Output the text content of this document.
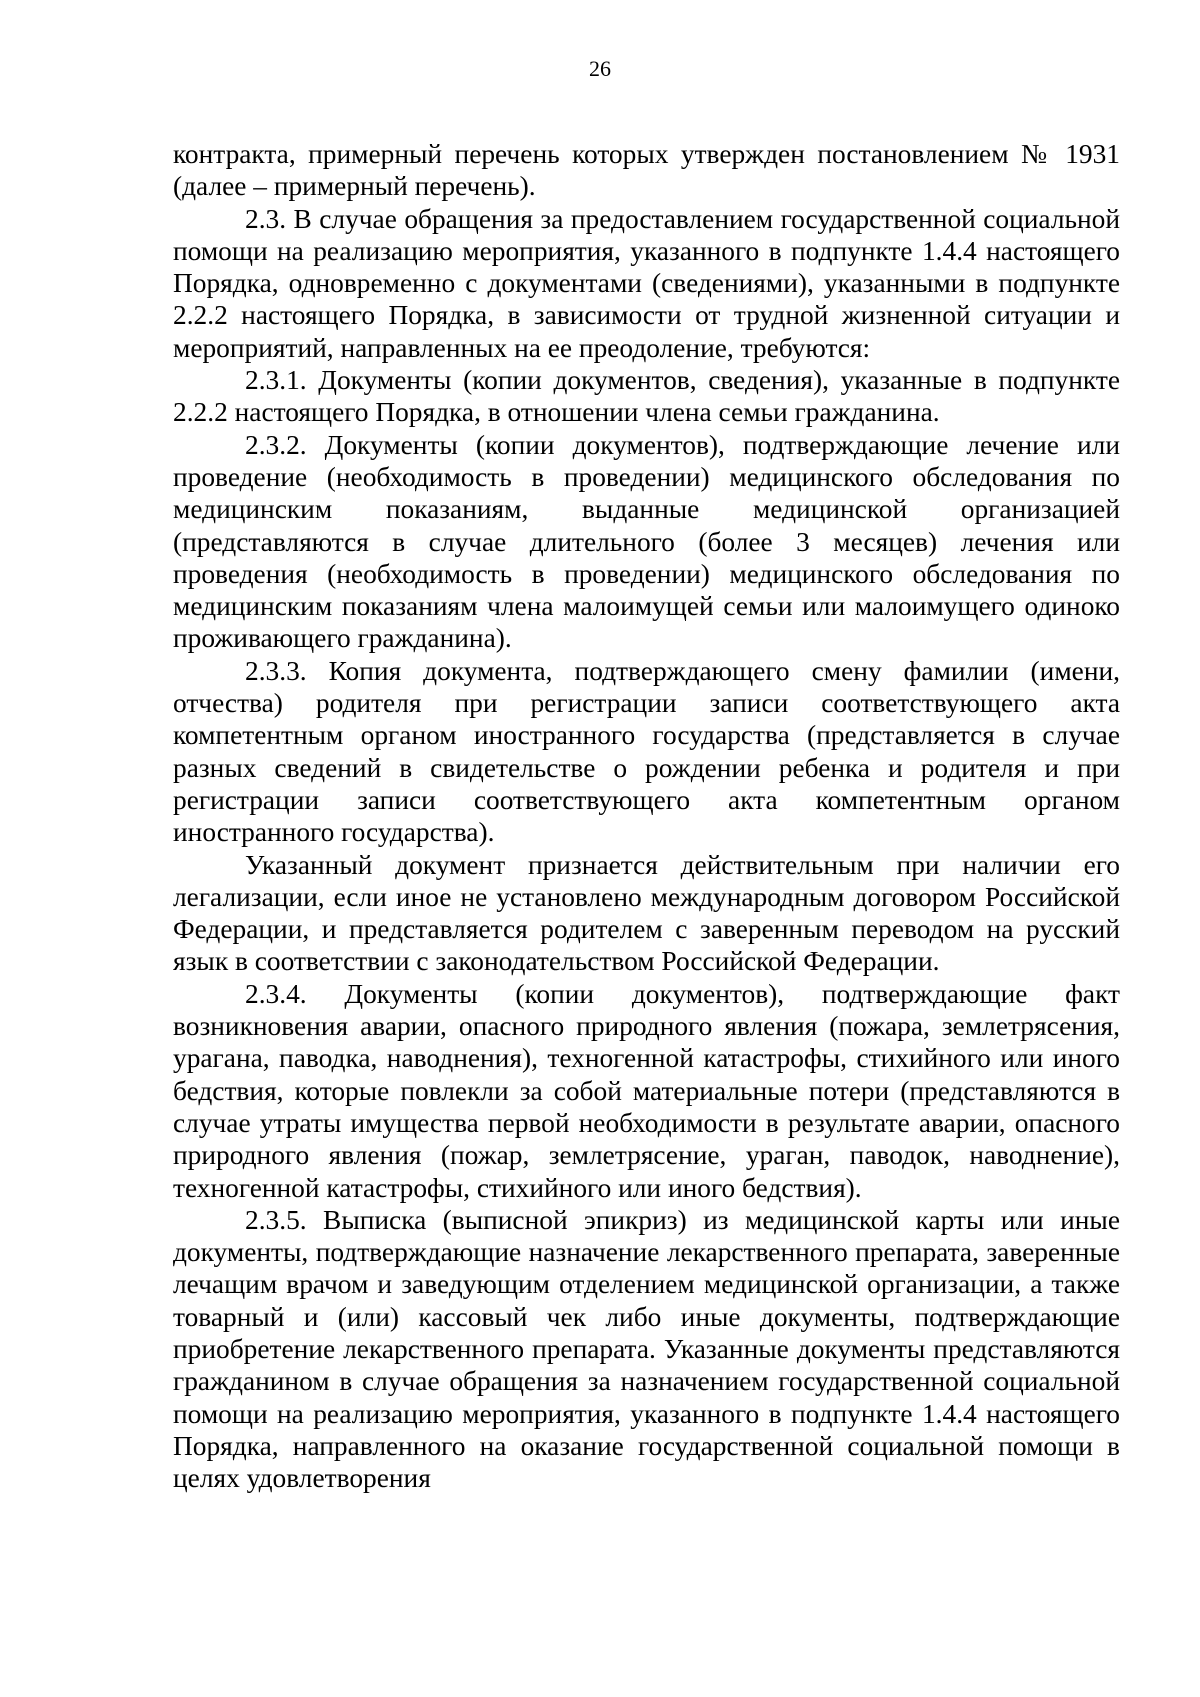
26

контракта, примерный перечень которых утвержден постановлением № 1931 (далее – примерный перечень).

2.3. В случае обращения за предоставлением государственной социальной помощи на реализацию мероприятия, указанного в подпункте 1.4.4 настоящего Порядка, одновременно с документами (сведениями), указанными в подпункте 2.2.2 настоящего Порядка, в зависимости от трудной жизненной ситуации и мероприятий, направленных на ее преодоление, требуются:

2.3.1. Документы (копии документов, сведения), указанные в подпункте 2.2.2 настоящего Порядка, в отношении члена семьи гражданина.

2.3.2. Документы (копии документов), подтверждающие лечение или проведение (необходимость в проведении) медицинского обследования по медицинским показаниям, выданные медицинской организацией (представляются в случае длительного (более 3 месяцев) лечения или проведения (необходимость в проведении) медицинского обследования по медицинским показаниям члена малоимущей семьи или малоимущего одиноко проживающего гражданина).

2.3.3. Копия документа, подтверждающего смену фамилии (имени, отчества) родителя при регистрации записи соответствующего акта компетентным органом иностранного государства (представляется в случае разных сведений в свидетельстве о рождении ребенка и родителя и при регистрации записи соответствующего акта компетентным органом иностранного государства).

Указанный документ признается действительным при наличии его легализации, если иное не установлено международным договором Российской Федерации, и представляется родителем с заверенным переводом на русский язык в соответствии с законодательством Российской Федерации.

2.3.4. Документы (копии документов), подтверждающие факт возникновения аварии, опасного природного явления (пожара, землетрясения, урагана, паводка, наводнения), техногенной катастрофы, стихийного или иного бедствия, которые повлекли за собой материальные потери (представляются в случае утраты имущества первой необходимости в результате аварии, опасного природного явления (пожар, землетрясение, ураган, паводок, наводнение), техногенной катастрофы, стихийного или иного бедствия).

2.3.5. Выписка (выписной эпикриз) из медицинской карты или иные документы, подтверждающие назначение лекарственного препарата, заверенные лечащим врачом и заведующим отделением медицинской организации, а также товарный и (или) кассовый чек либо иные документы, подтверждающие приобретение лекарственного препарата. Указанные документы представляются гражданином в случае обращения за назначением государственной социальной помощи на реализацию мероприятия, указанного в подпункте 1.4.4 настоящего Порядка, направленного на оказание государственной социальной помощи в целях удовлетворения
